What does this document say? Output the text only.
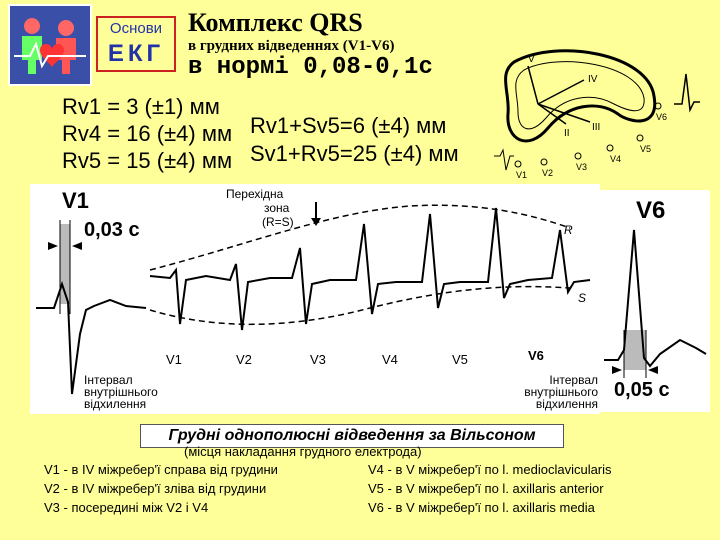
Основи
ЕКГ
Комплекс QRS
в грудних відведеннях (V1-V6)
в нормі 0,08-0,1с
Rv1 = 3 (±1) мм
Rv4 = 16 (±4) мм
Rv5 = 15 (±4) мм
Rv1+Sv5=6 (±4) мм
Sv1+Rv5=25 (±4) мм
V
IV
II
III
V1 V2
V3
V4
V5
V6
V1
0,03 с
Перехідна
зона
(R=S)
R
S
V1	V2	V3	V4	V5	V6
Інтервал
внутрішнього
відхилення
Інтервал
внутрішнього
відхилення
V6
0,05 с
Грудні однополюсні відведення за Вільсоном
(місця накладання грудного електрода)
V1 - в IV міжребер'ї справа від грудини
V2 - в IV міжребер'ї зліва від грудини
V3 - посередині між V2 і V4
V4 - в V міжребер'ї по l. medioclavicularis
V5 - в V міжребер'ї по l. axillaris anterior
V6 - в V міжребер'ї по l. axillaris media
